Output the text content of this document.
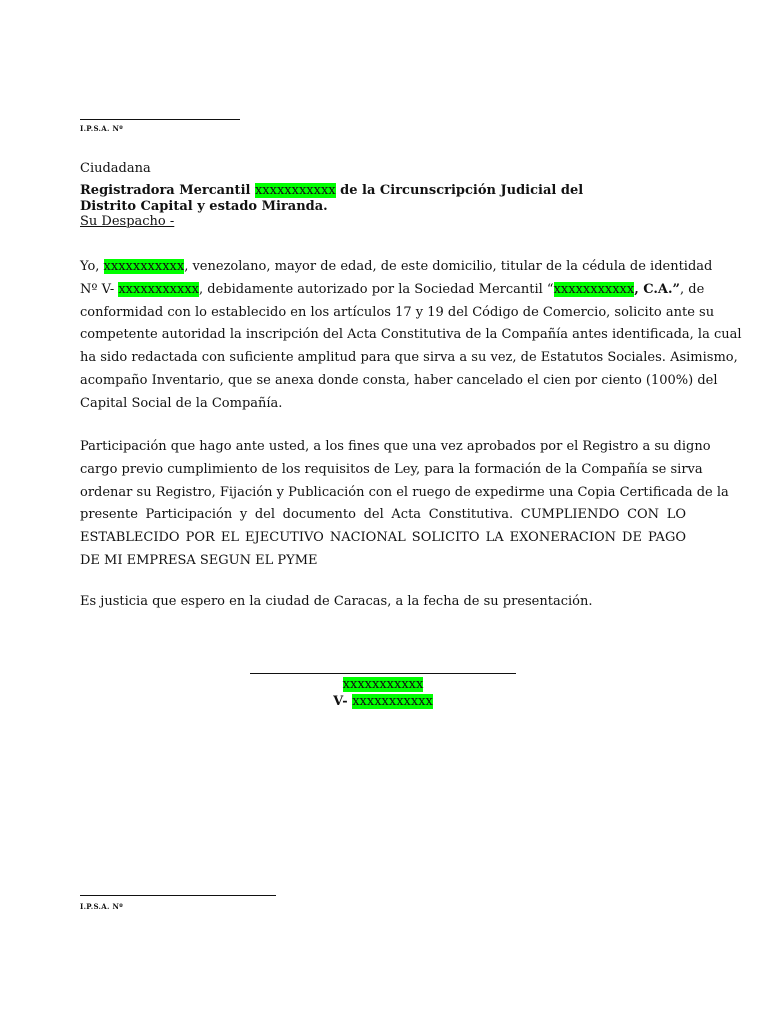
I.P.S.A. Nº
Ciudadana
Registradora Mercantil xxxxxxxxxxx de la Circunscripción Judicial del
Distrito Capital y estado Miranda.
Su Despacho -
Yo, xxxxxxxxxxx, venezolano, mayor de edad, de este domicilio, titular de la cédula de identidad
Nº V- xxxxxxxxxxx, debidamente autorizado por la Sociedad Mercantil “xxxxxxxxxxx, C.A.”, de
conformidad con lo establecido en los artículos 17 y 19 del Código de Comercio, solicito ante su
competente autoridad la inscripción del Acta Constitutiva de la Compañía antes identificada, la cual
ha sido redactada con suficiente amplitud para que sirva a su vez, de Estatutos Sociales. Asimismo,
acompaño Inventario, que se anexa donde consta, haber cancelado el cien por ciento (100%) del
Capital Social de la Compañía.
Participación que hago ante usted, a los fines que una vez aprobados por el Registro a su digno
cargo previo cumplimiento de los requisitos de Ley, para la formación de la Compañía se sirva
ordenar su Registro, Fijación y Publicación con el ruego de expedirme una Copia Certificada de la
presente Participación y del documento del Acta Constitutiva. CUMPLIENDO CON LO
ESTABLECIDO POR EL EJECUTIVO NACIONAL SOLICITO LA EXONERACION DE PAGO
DE MI EMPRESA SEGUN EL PYME
Es justicia que espero en la ciudad de Caracas, a la fecha de su presentación.
xxxxxxxxxxx
V- xxxxxxxxxxx
I.P.S.A. Nº
